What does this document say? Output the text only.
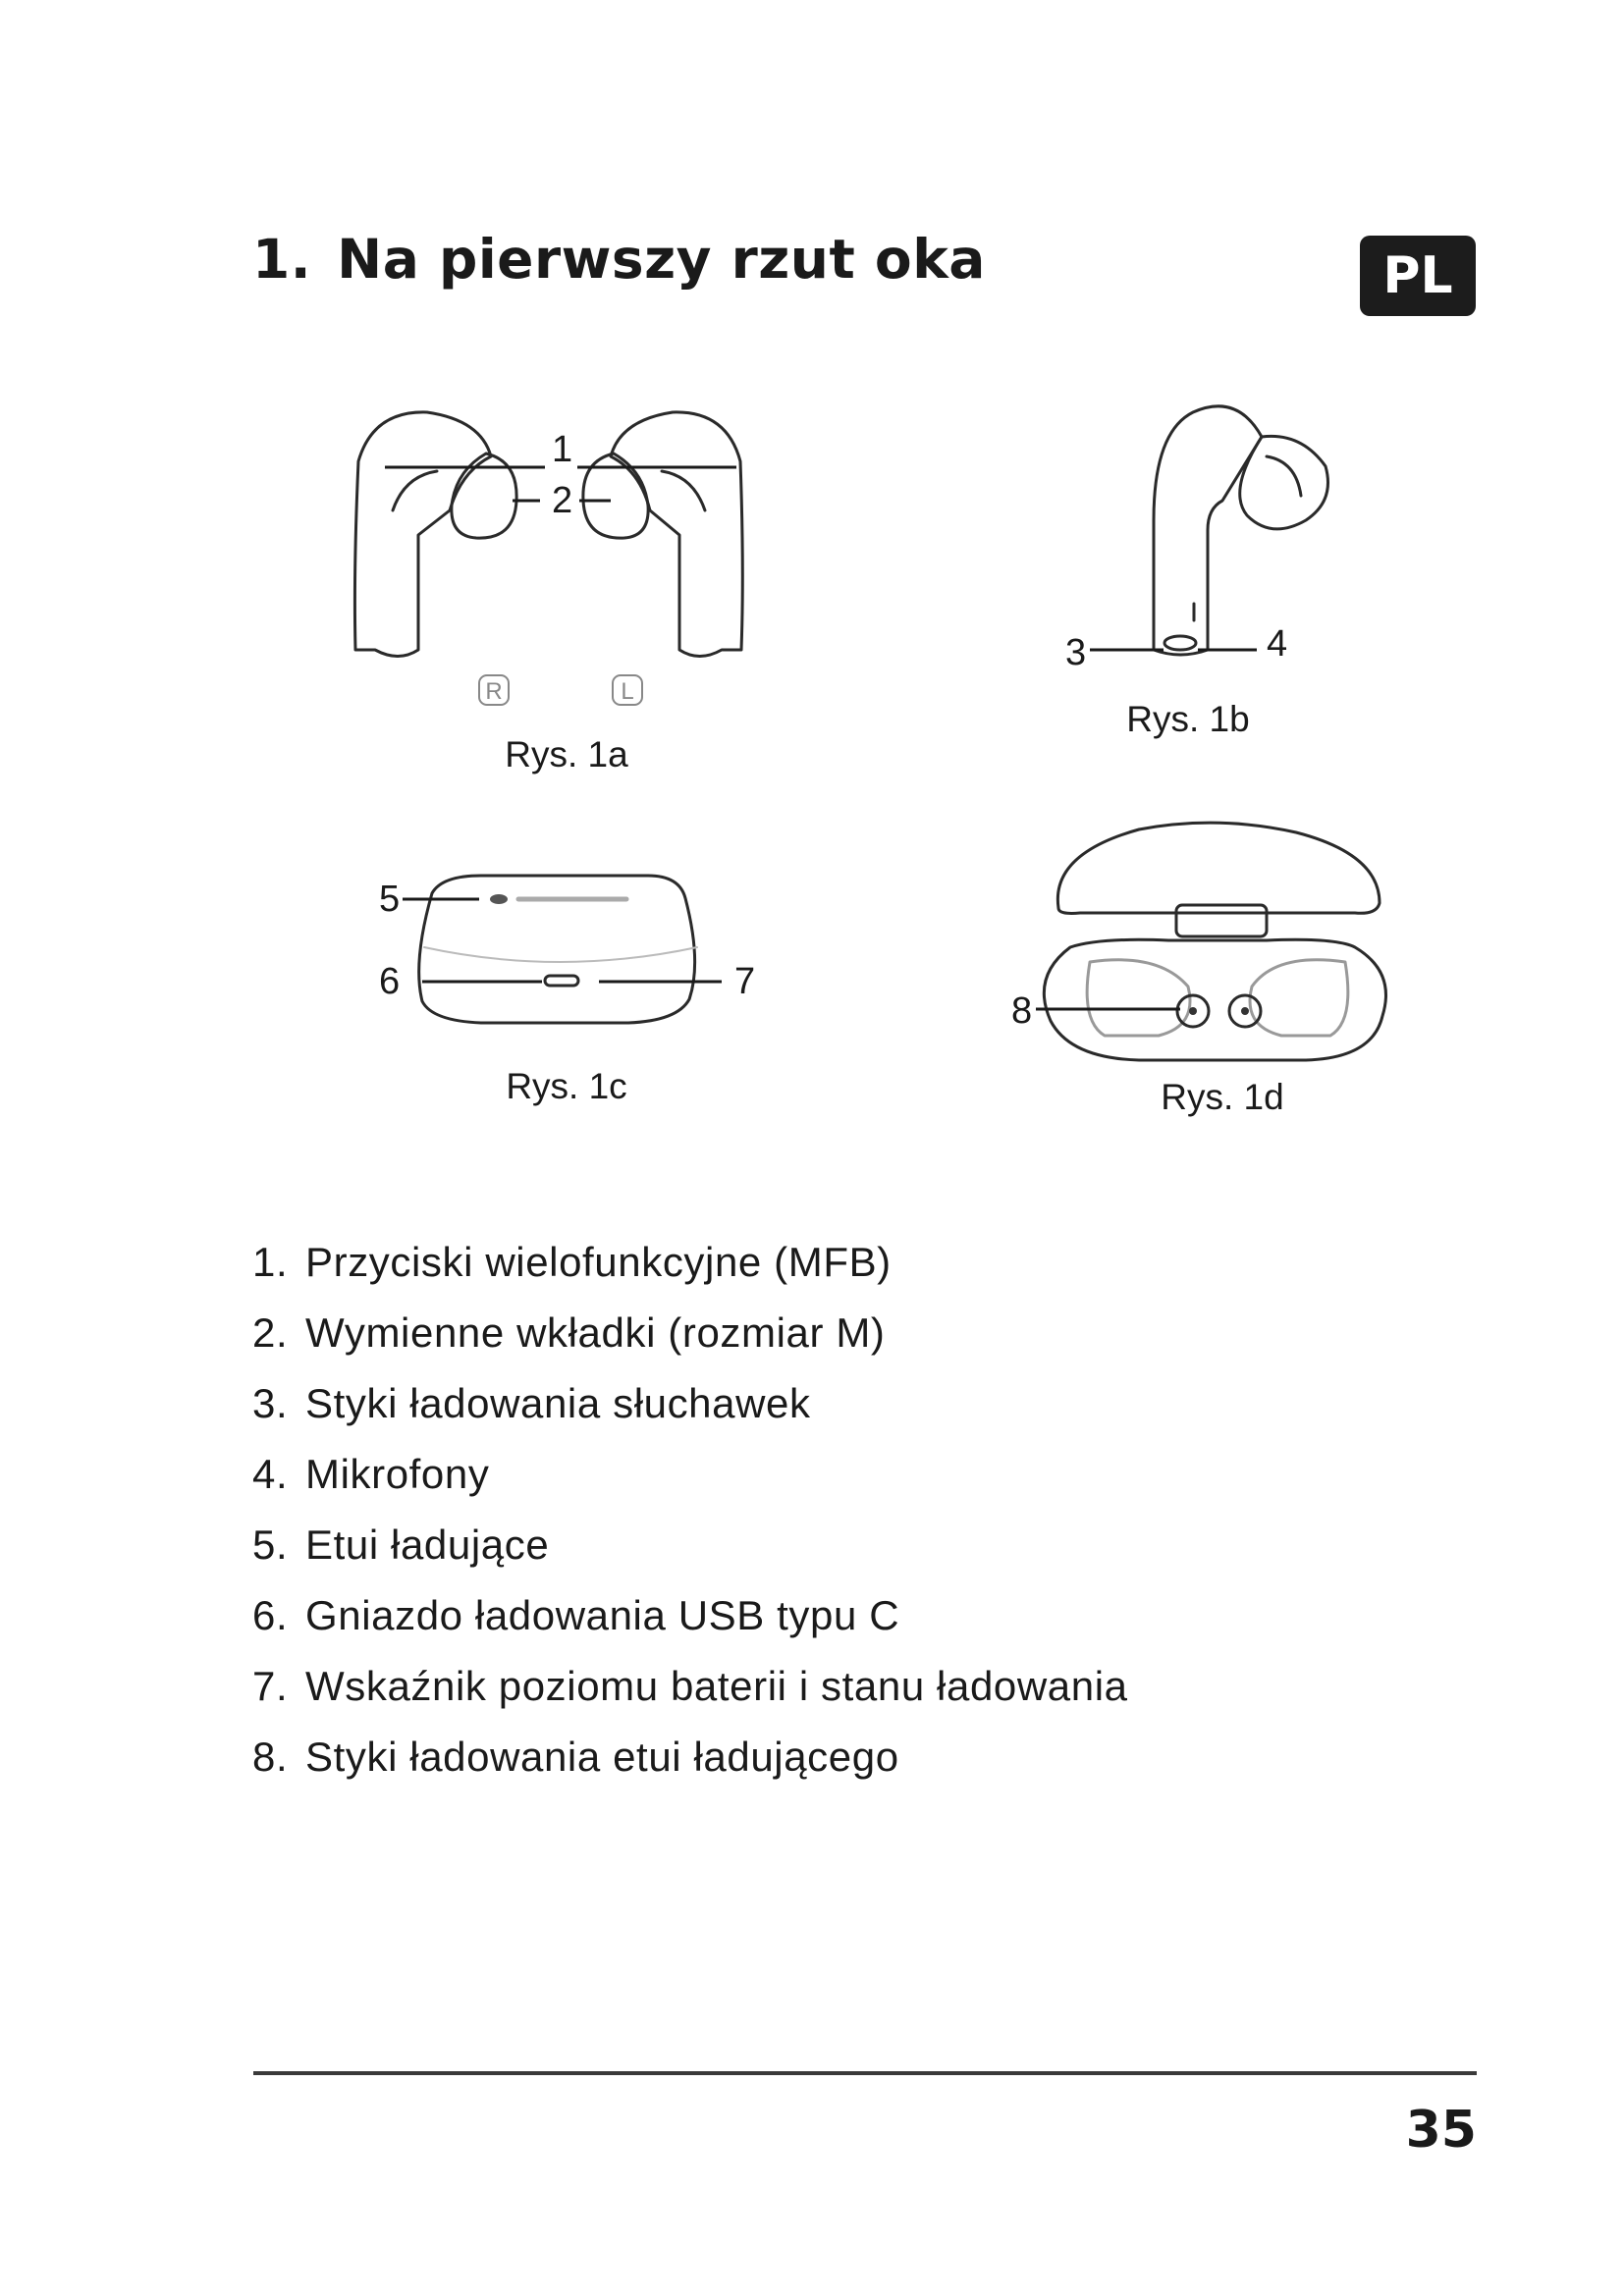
1. Na pierwszy rzut oka	PL
1
2
R	L
Rys. 1a
3	4
Rys. 1b
5
6	7
Rys. 1c
8
Rys. 1d
1. Przyciski wielofunkcyjne (MFB)
2. Wymienne wkładki (rozmiar M)
3. Styki ładowania słuchawek
4. Mikrofony
5. Etui ładujące
6. Gniazdo ładowania USB typu C
7. Wskaźnik poziomu baterii i stanu ładowania
8. Styki ładowania etui ładującego
35
